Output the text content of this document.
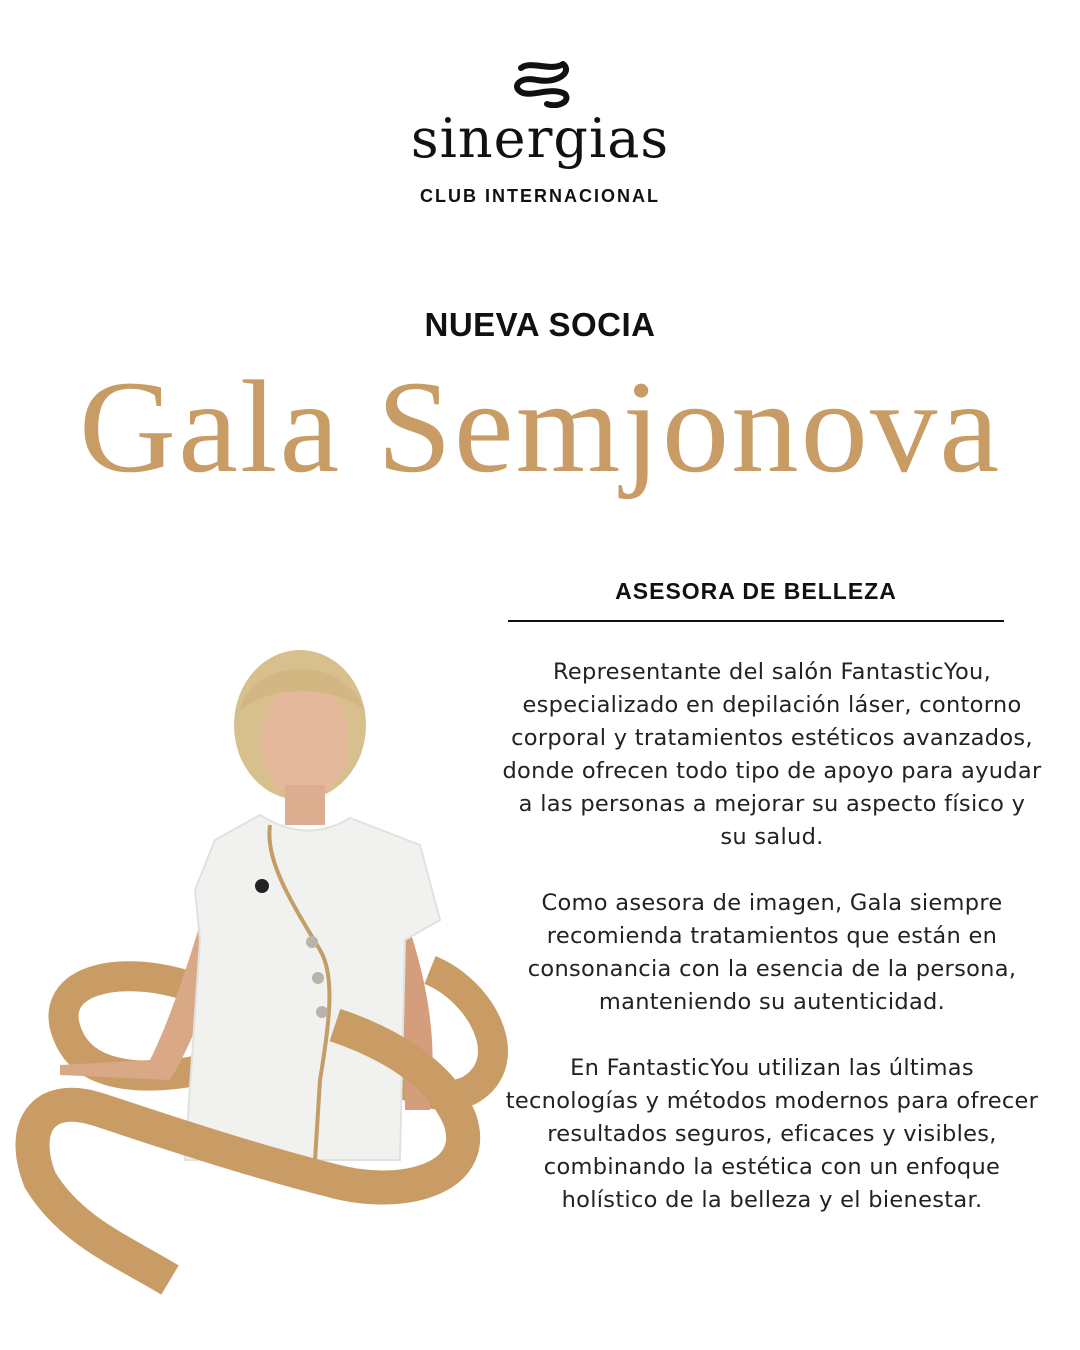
sinergias
CLUB INTERNACIONAL
NUEVA SOCIA
Gala Semjonova
ASESORA DE BELLEZA

Representante del salón FantasticYou, especializado en depilación láser, contorno corporal y tratamientos estéticos avanzados, donde ofrecen todo tipo de apoyo para ayudar a las personas a mejorar su aspecto físico y su salud.

Como asesora de imagen, Gala siempre recomienda tratamientos que están en consonancia con la esencia de la persona, manteniendo su autenticidad.

En FantasticYou utilizan las últimas tecnologías y métodos modernos para ofrecer resultados seguros, eficaces y visibles, combinando la estética con un enfoque holístico de la belleza y el bienestar.
